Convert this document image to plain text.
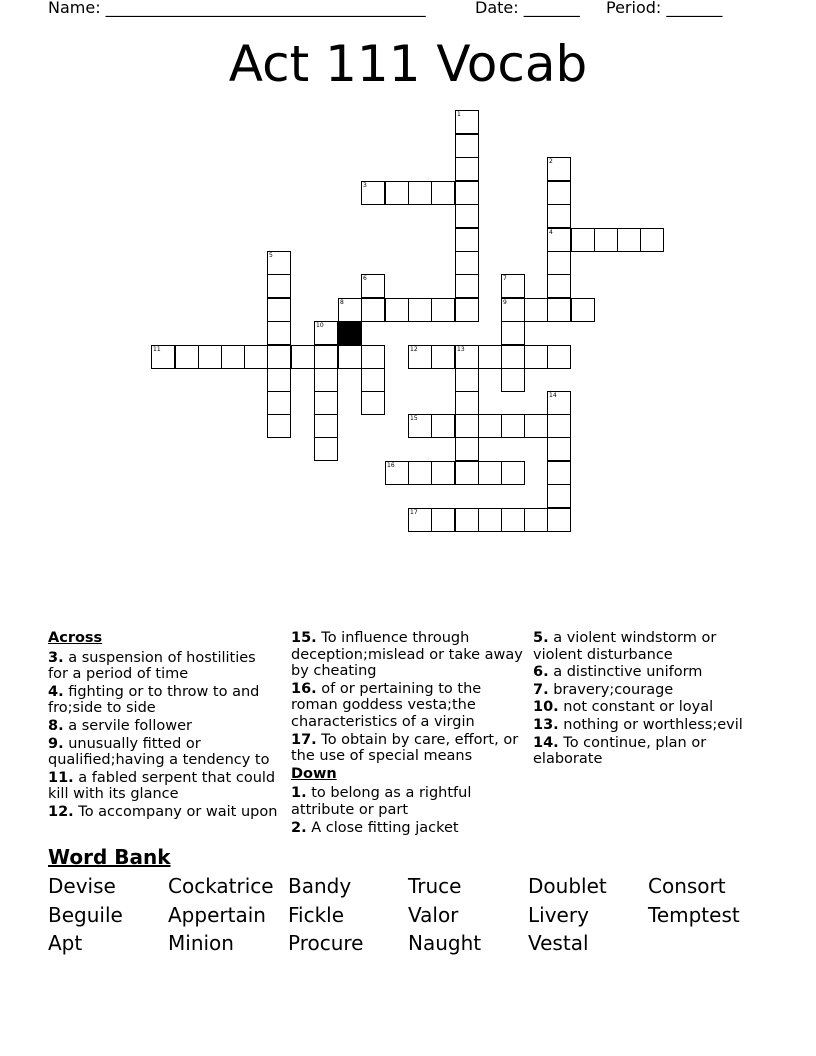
Name: ________________________________________	Date: _______ Period: _______
Act 111 Vocab
1
2
4
3
5
6	7
9
8
10
11	12	13
14
15
16
17
Across
3. a suspension of hostilities for a period of time
4. fighting or to throw to and fro;side to side
8. a servile follower
9. unusually fitted or qualified;having a tendency to
11. a fabled serpent that could kill with its glance
12. To accompany or wait upon
15. To influence through deception;mislead or take away by cheating
16. of or pertaining to the roman goddess vesta;the characteristics of a virgin
17. To obtain by care, effort, or the use of special means
Down
1. to belong as a rightful attribute or part
2. A close fitting jacket
5. a violent windstorm or violent disturbance
6. a distinctive uniform
7. bravery;courage
10. not constant or loyal
13. nothing or worthless;evil
14. To continue, plan or elaborate
Word Bank
Devise	Cockatrice Bandy	Truce	Doublet Consort
Beguile Appertain Fickle	Valor	Livery	Temptest
Apt	Minion	Procure Naught Vestal
